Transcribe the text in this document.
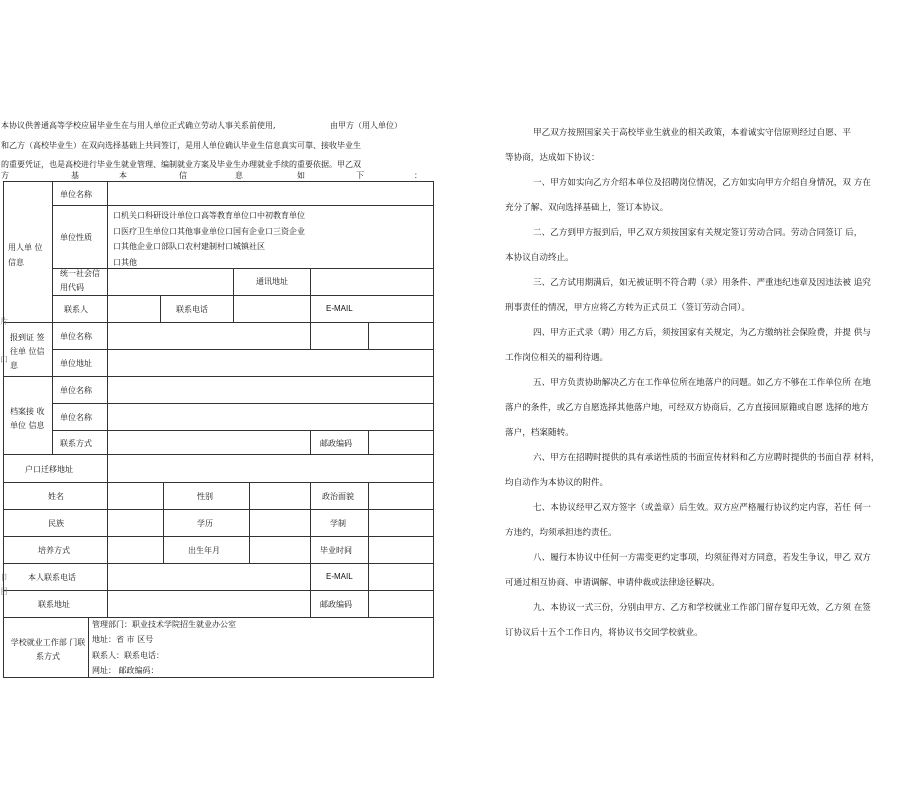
本协议供普通高等学校应届毕业生在与用人单位正式确立劳动人事关系前使用,	由甲方（用人单位）
和乙方（高校毕业生）在双向选择基础上共同签订，是用人单位确认毕业生信息真实可靠、接收毕业生
的重要凭证，也是高校进行毕业生就业管理、编制就业方案及毕业生办理就业手续的重要依据。甲乙双
方	基	本	信	息	如	下	：
用人单 位信息
单位名称
单位性质
口机关口科研设计单位口高等教育单位口中初教育单位
口医疗卫生单位口其他事业单位口国有企业口三资企业
口其他企业口部队口农村建制村口城镇社区
口其他
统一社会信用代码
通讯地址
联系人	联系电话	E-MAIL
报到证 签往单 位信息
单位名称
单位地址
档案接 收单位 信息
单位名称
单位名称
联系方式	邮政编码
户口迁移地址
姓名	性别	政治面貌
民族	学历	学制
培养方式	出生年月	毕业时间
本人联系电话	E-MAIL
联系地址	邮政编码
学校就业工作部 门联系方式
管理部门：职业技术学院招生就业办公室
地址：省 市 区号
联系人：联系电话：
网址： 邮政编码：
片
口
卩
目
甲乙双方按照国家关于高校毕业生就业的相关政策，本着诚实守信原则经过自愿、平
等协商，达成如下协议：
一、甲方如实向乙方介绍本单位及招聘岗位情况，乙方如实向甲方介绍自身情况，双 方在
充分了解、双向选择基础上，签订本协议。
二、乙方到甲方报到后，甲乙双方须按国家有关规定签订劳动合同。劳动合同签订 后，
本协议自动终止。
三、乙方试用期满后，如无被证明不符合聘（录）用条件、严重违纪违章及因违法被 追究
刑事责任的情况，甲方应将乙方转为正式员工（签订劳动合同）。
四、甲方正式录（聘）用乙方后，须按国家有关规定，为乙方缴纳社会保险费，并提 供与
工作岗位相关的福利待遇。
五、甲方负责协助解决乙方在工作单位所在地落户的问题。如乙方不够在工作单位所 在地
落户的条件，或乙方自愿选择其他落户地，可经双方协商后，乙方直接回原籍或自愿 选择的地方
落户，档案随转。
六、甲方在招聘时提供的具有承诺性质的书面宣传材料和乙方应聘时提供的书面自荐 材料，
均自动作为本协议的附件。
七、本协议经甲乙双方签字（或盖章）后生效。双方应严格履行协议约定内容，若任 何一
方违约，均须承担违约责任。
八、履行本协议中任何一方需变更约定事项，均须征得对方同意，若发生争议，甲乙 双方
可通过相互协商、申请调解、申请仲裁或法律途径解决。
九、本协议一式三份，分别由甲方、乙方和学校就业工作部门留存复印无效，乙方须 在签
订协议后十五个工作日内，将协议书交回学校就业。
